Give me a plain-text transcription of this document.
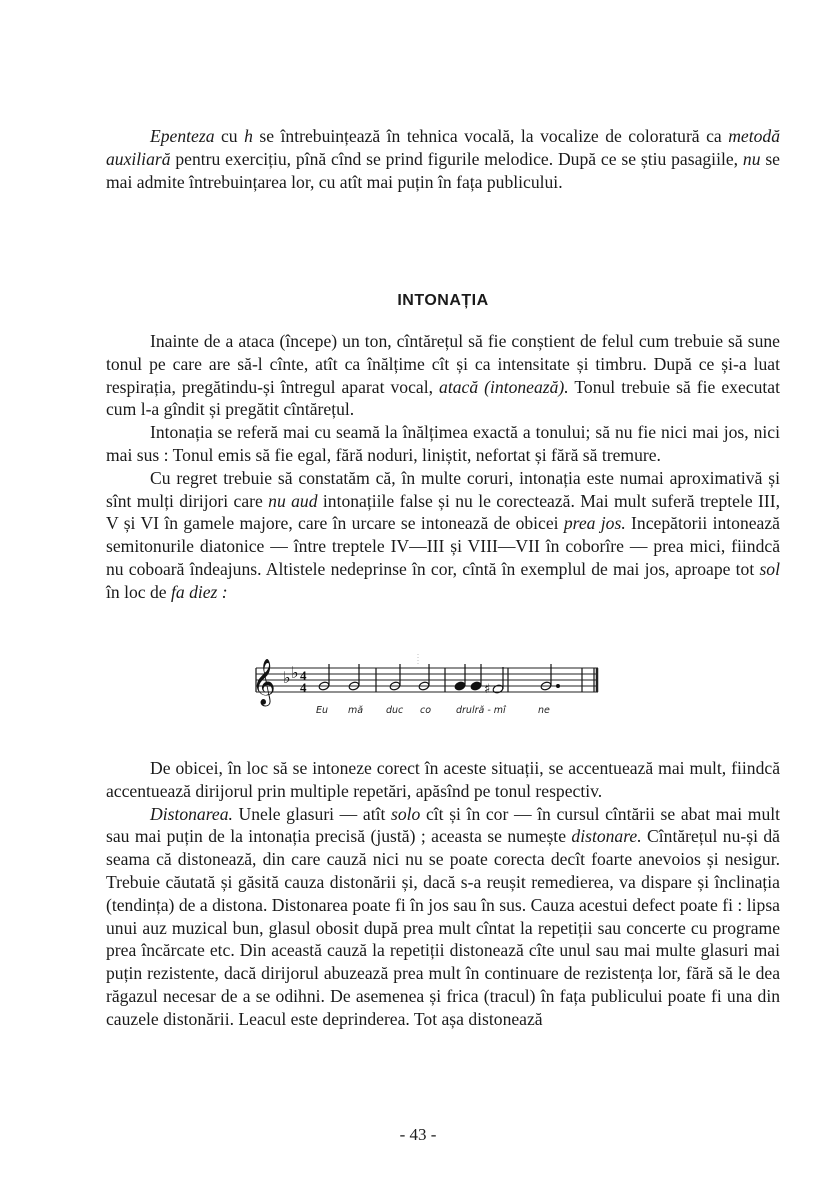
Epenteza cu h se întrebuințează în tehnica vocală, la vocalize de coloratură ca metodă auxiliară pentru exercițiu, pînă cînd se prind figurile melodice. După ce se știu pasagiile, nu se mai admite întrebuințarea lor, cu atît mai puțin în fața publicului.

INTONAȚIA

Inainte de a ataca (începe) un ton, cîntărețul să fie conștient de felul cum trebuie să sune tonul pe care are să-l cînte, atît ca înălțime cît și ca intensitate și timbru. După ce și-a luat respirația, pregătindu-și întregul aparat vocal, atacă (intonează). Tonul trebuie să fie executat cum l-a gîndit și pregătit cîntărețul.

Intonația se referă mai cu seamă la înălțimea exactă a tonului; să nu fie nici mai jos, nici mai sus : Tonul emis să fie egal, fără noduri, liniștit, nefortat și fără să tremure.

Cu regret trebuie să constatăm că, în multe coruri, intonația este numai aproximativă și sînt mulți dirijori care nu aud intonațiile false și nu le corectează. Mai mult suferă treptele III, V și VI în gamele majore, care în urcare se intonează de obicei prea jos. Incepătorii intonează semitonurile diatonice — între treptele IV—III și VIII—VII în coborîre — prea mici, fiindcă nu coboară îndeajuns. Altistele nedeprinse în cor, cîntă în exemplul de mai jos, aproape tot sol în loc de fa diez :

𝄞 ♭ ♭ 4
4	♯
Eu mă duc co	drulră - mî	ne

De obicei, în loc să se intoneze corect în aceste situații, se accentuează mai mult, fiindcă accentuează dirijorul prin multiple repetări, apăsînd pe tonul respectiv.

Distonarea. Unele glasuri — atît solo cît și în cor — în cursul cîntării se abat mai mult sau mai puțin de la intonația precisă (justă) ; aceasta se numește distonare. Cîntărețul nu-și dă seama că distonează, din care cauză nici nu se poate corecta decît foarte anevoios și nesigur. Trebuie căutată și găsită cauza distonării și, dacă s-a reușit remedierea, va dispare și înclinația (tendința) de a distona. Distonarea poate fi în jos sau în sus. Cauza acestui defect poate fi : lipsa unui auz muzical bun, glasul obosit după prea mult cîntat la repetiții sau concerte cu programe prea încărcate etc. Din această cauză la repetiții distonează cîte unul sau mai multe glasuri mai puțin rezistente, dacă dirijorul abuzează prea mult în continuare de rezistența lor, fără să le dea răgazul necesar de a se odihni. De asemenea și frica (tracul) în fața publicului poate fi una din cauzele distonării. Leacul este deprinderea. Tot așa distonează

- 43 -
